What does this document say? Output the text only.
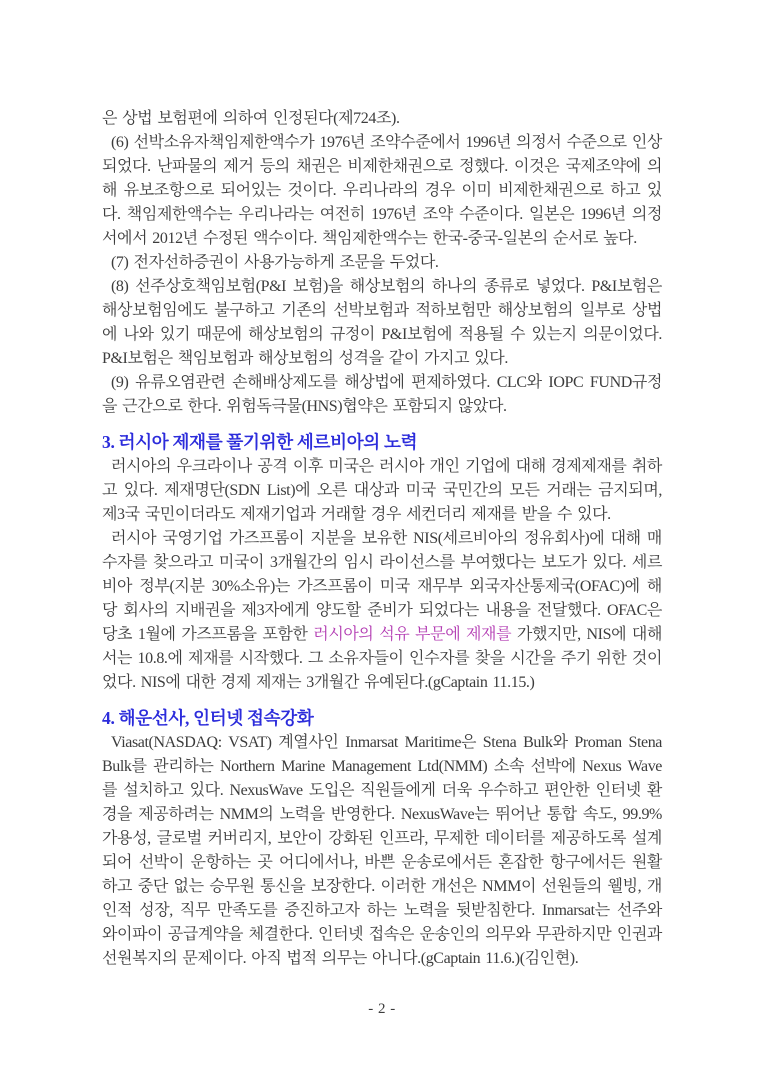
은 상법 보험편에 의하여 인정된다(제724조).

(6) 선박소유자책임제한액수가 1976년 조약수준에서 1996년 의정서 수준으로 인상되었다. 난파물의 제거 등의 채권은 비제한채권으로 정했다. 이것은 국제조약에 의해 유보조항으로 되어있는 것이다. 우리나라의 경우 이미 비제한채권으로 하고 있다. 책임제한액수는 우리나라는 여전히 1976년 조약 수준이다. 일본은 1996년 의정서에서 2012년 수정된 액수이다. 책임제한액수는 한국-중국-일본의 순서로 높다.

(7) 전자선하증권이 사용가능하게 조문을 두었다.

(8) 선주상호책임보험(P&I 보험)을 해상보험의 하나의 종류로 넣었다. P&I보험은 해상보험임에도 불구하고 기존의 선박보험과 적하보험만 해상보험의 일부로 상법에 나와 있기 때문에 해상보험의 규정이 P&I보험에 적용될 수 있는지 의문이었다. P&I보험은 책임보험과 해상보험의 성격을 같이 가지고 있다.

(9) 유류오염관련 손해배상제도를 해상법에 편제하였다. CLC와 IOPC FUND규정을 근간으로 한다. 위험독극물(HNS)협약은 포함되지 않았다.

3. 러시아 제재를 풀기위한 세르비아의 노력

러시아의 우크라이나 공격 이후 미국은 러시아 개인 기업에 대해 경제제재를 취하고 있다. 제재명단(SDN List)에 오른 대상과 미국 국민간의 모든 거래는 금지되며, 제3국 국민이더라도 제재기업과 거래할 경우 세컨더리 제재를 받을 수 있다.

러시아 국영기업 가즈프롬이 지분을 보유한 NIS(세르비아의 정유회사)에 대해 매수자를 찾으라고 미국이 3개월간의 임시 라이선스를 부여했다는 보도가 있다. 세르비아 정부(지분 30%소유)는 가즈프롬이 미국 재무부 외국자산통제국(OFAC)에 해당 회사의 지배권을 제3자에게 양도할 준비가 되었다는 내용을 전달했다. OFAC은 당초 1월에 가즈프롬을 포함한 러시아의 석유 부문에 제재를 가했지만, NIS에 대해서는 10.8.에 제재를 시작했다. 그 소유자들이 인수자를 찾을 시간을 주기 위한 것이었다. NIS에 대한 경제 제재는 3개월간 유예된다.(gCaptain 11.15.)

4. 해운선사, 인터넷 접속강화

Viasat(NASDAQ: VSAT) 계열사인 Inmarsat Maritime은 Stena Bulk와 Proman Stena Bulk를 관리하는 Northern Marine Management Ltd(NMM) 소속 선박에 Nexus Wave를 설치하고 있다. NexusWave 도입은 직원들에게 더욱 우수하고 편안한 인터넷 환경을 제공하려는 NMM의 노력을 반영한다. NexusWave는 뛰어난 통합 속도, 99.9% 가용성, 글로벌 커버리지, 보안이 강화된 인프라, 무제한 데이터를 제공하도록 설계되어 선박이 운항하는 곳 어디에서나, 바쁜 운송로에서든 혼잡한 항구에서든 원활하고 중단 없는 승무원 통신을 보장한다. 이러한 개선은 NMM이 선원들의 웰빙, 개인적 성장, 직무 만족도를 증진하고자 하는 노력을 뒷받침한다. Inmarsat는 선주와 와이파이 공급계약을 체결한다. 인터넷 접속은 운송인의 의무와 무관하지만 인권과 선원복지의 문제이다. 아직 법적 의무는 아니다.(gCaptain 11.6.)(김인현).

- 2 -
